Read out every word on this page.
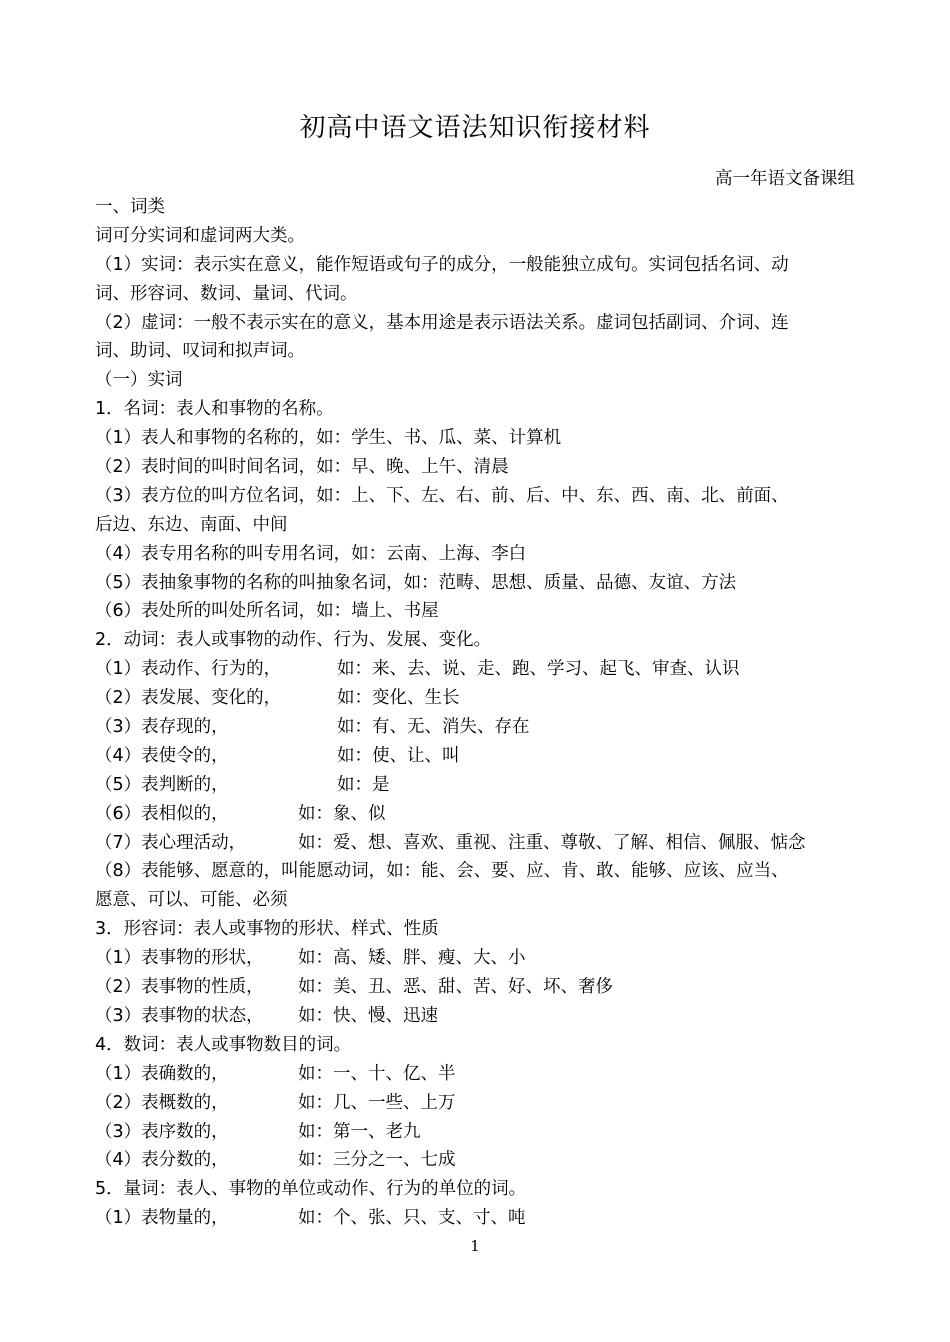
初高中语文语法知识衔接材料
高一年语文备课组
一、词类
词可分实词和虚词两大类。
（1）实词：表示实在意义，能作短语或句子的成分，一般能独立成句。实词包括名词、动
词、形容词、数词、量词、代词。
（2）虚词：一般不表示实在的意义，基本用途是表示语法关系。虚词包括副词、介词、连
词、助词、叹词和拟声词。
（一）实词
1．名词：表人和事物的名称。
（1）表人和事物的名称的，如：学生、书、瓜、菜、计算机
（2）表时间的叫时间名词，如：早、晚、上午、清晨
（3）表方位的叫方位名词，如：上、下、左、右、前、后、中、东、西、南、北、前面、
后边、东边、南面、中间
（4）表专用名称的叫专用名词，如：云南、上海、李白
（5）表抽象事物的名称的叫抽象名词，如：范畴、思想、质量、品德、友谊、方法
（6）表处所的叫处所名词，如：墙上、书屋
2．动词：表人或事物的动作、行为、发展、变化。
（1）表动作、行为的，	如：来、去、说、走、跑、学习、起飞、审查、认识
（2）表发展、变化的，	如：变化、生长
（3）表存现的，	如：有、无、消失、存在
（4）表使令的，	如：使、让、叫
（5）表判断的，	如：是
（6）表相似的，	如：象、似
（7）表心理活动，	如：爱、想、喜欢、重视、注重、尊敬、了解、相信、佩服、惦念
（8）表能够、愿意的，叫能愿动词，如：能、会、要、应、肯、敢、能够、应该、应当、
愿意、可以、可能、必须
3．形容词：表人或事物的形状、样式、性质
（1）表事物的形状， 如：高、矮、胖、瘦、大、小
（2）表事物的性质， 如：美、丑、恶、甜、苦、好、坏、奢侈
（3）表事物的状态， 如：快、慢、迅速
4．数词：表人或事物数目的词。
（1）表确数的，	如：一、十、亿、半
（2）表概数的，	如：几、一些、上万
（3）表序数的，	如：第一、老九
（4）表分数的，	如：三分之一、七成
5．量词：表人、事物的单位或动作、行为的单位的词。
（1）表物量的，	如：个、张、只、支、寸、吨
1
